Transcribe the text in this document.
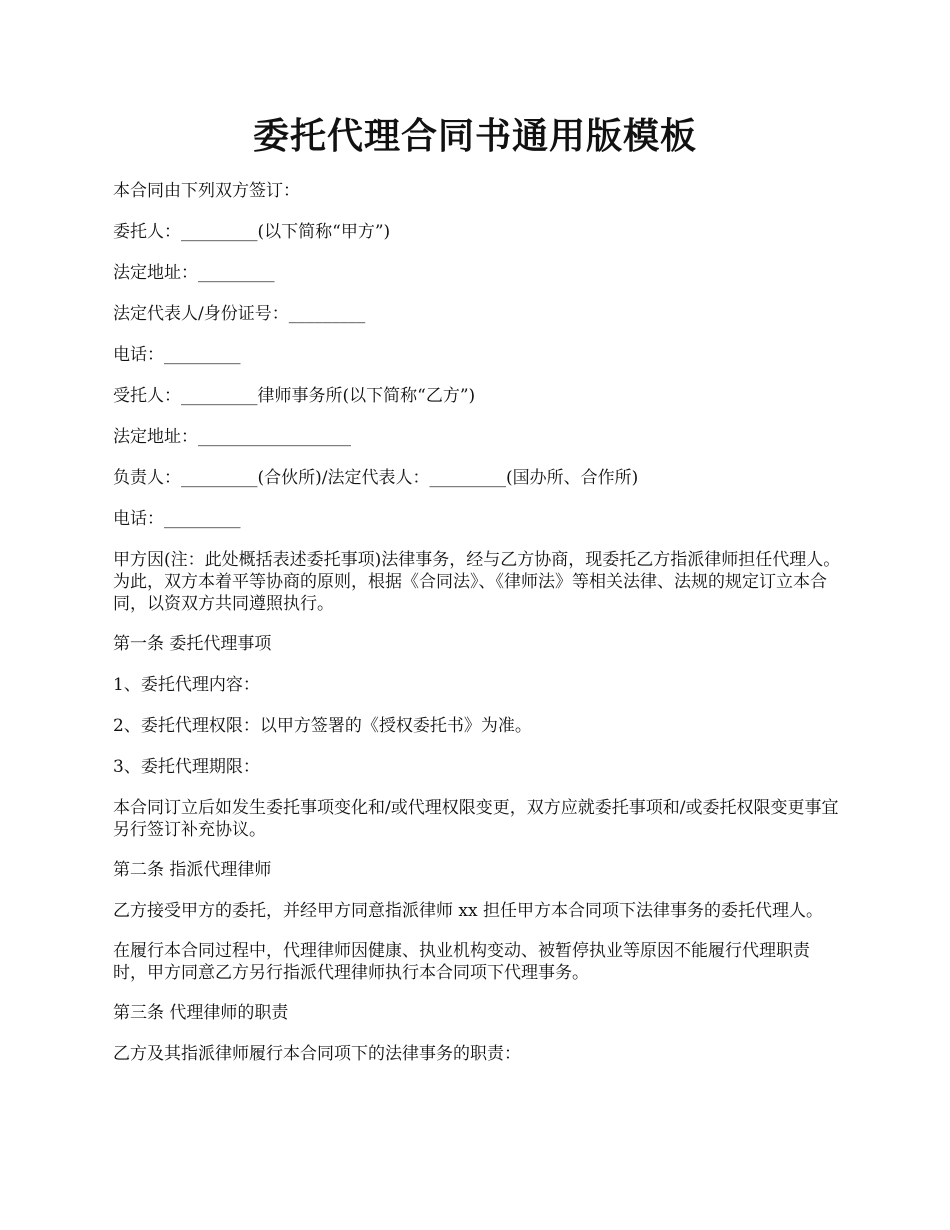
委托代理合同书通用版模板

本合同由下列双方签订：

委托人：_________(以下简称“甲方”)

法定地址：_________

法定代表人/身份证号：_________

电话：_________

受托人：_________律师事务所(以下简称“乙方”)

法定地址：__________________

负责人：_________(合伙所)/法定代表人：_________(国办所、合作所)

电话：_________

甲方因(注：此处概括表述委托事项)法律事务，经与乙方协商，现委托乙方指派律师担任代理人。为此，双方本着平等协商的原则，根据《合同法》、《律师法》等相关法律、法规的规定订立本合同，以资双方共同遵照执行。

第一条 委托代理事项

1、委托代理内容：

2、委托代理权限：以甲方签署的《授权委托书》为准。

3、委托代理期限：

本合同订立后如发生委托事项变化和/或代理权限变更，双方应就委托事项和/或委托权限变更事宜另行签订补充协议。

第二条 指派代理律师

乙方接受甲方的委托，并经甲方同意指派律师 xx 担任甲方本合同项下法律事务的委托代理人。

在履行本合同过程中，代理律师因健康、执业机构变动、被暂停执业等原因不能履行代理职责时，甲方同意乙方另行指派代理律师执行本合同项下代理事务。

第三条 代理律师的职责

乙方及其指派律师履行本合同项下的法律事务的职责：
